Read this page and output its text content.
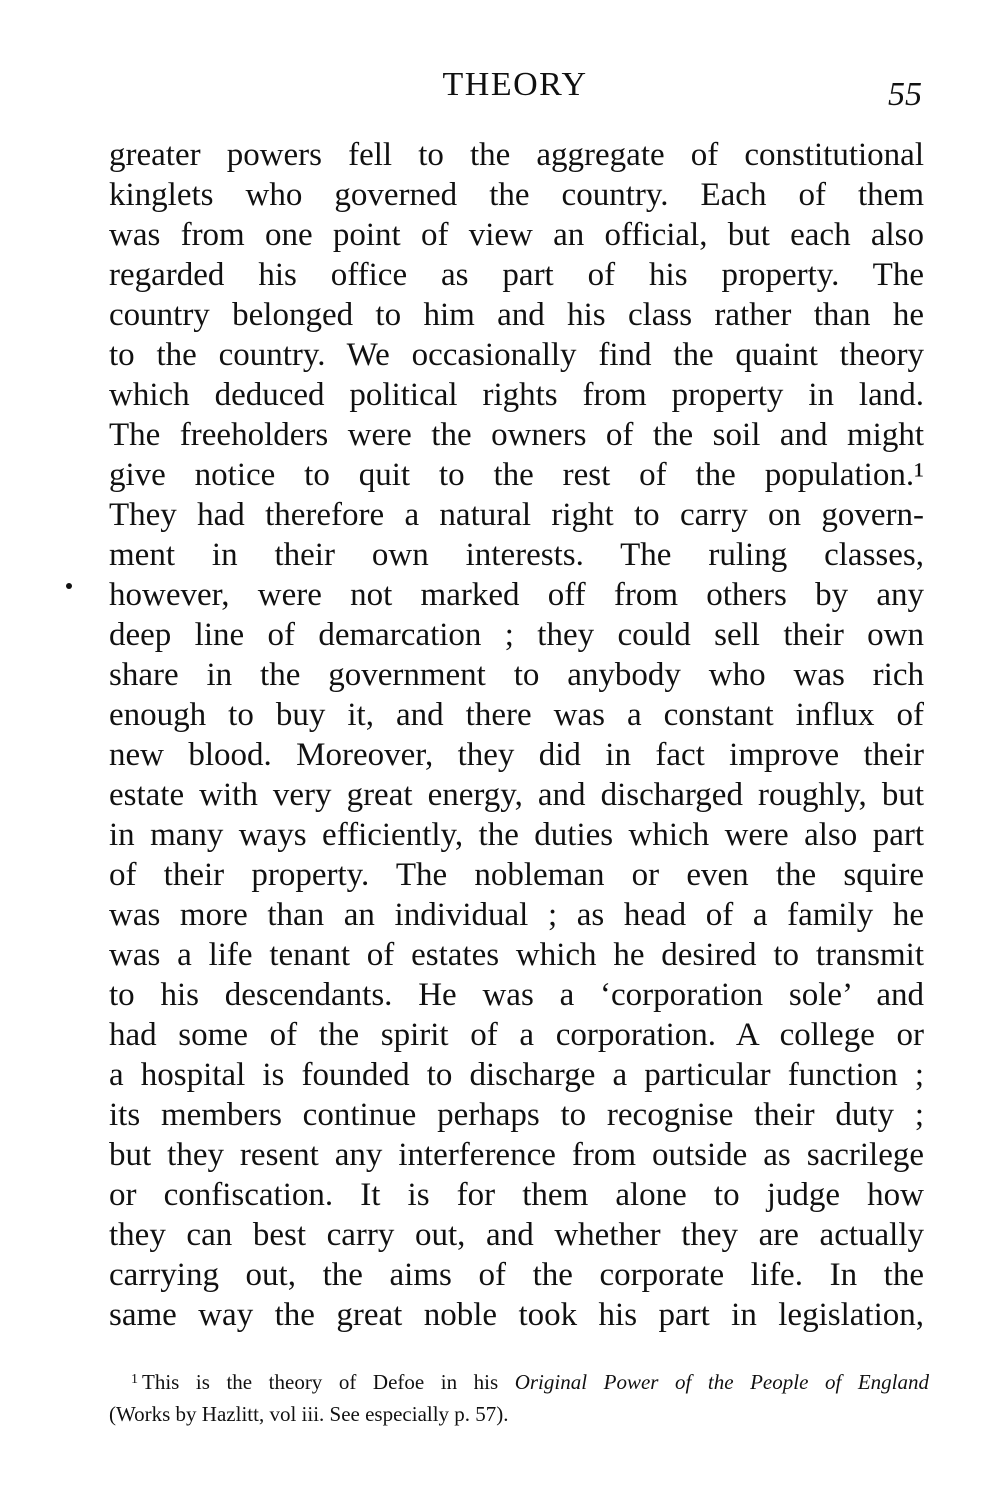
THEORY	55
greater powers fell to the aggregate of constitutional
kinglets who governed the country. Each of them
was from one point of view an official, but each also
regarded his office as part of his property. The
country belonged to him and his class rather than he
to the country. We occasionally find the quaint theory
which deduced political rights from property in land.
The freeholders were the owners of the soil and might
give notice to quit to the rest of the population.¹
They had therefore a natural right to carry on govern-
ment in their own interests. The ruling classes,
however, were not marked off from others by any
deep line of demarcation ; they could sell their own
share in the government to anybody who was rich
enough to buy it, and there was a constant influx of
new blood. Moreover, they did in fact improve their
estate with very great energy, and discharged roughly, but
in many ways efficiently, the duties which were also part
of their property. The nobleman or even the squire
was more than an individual ; as head of a family he
was a life tenant of estates which he desired to transmit
to his descendants. He was a ‘corporation sole’ and
had some of the spirit of a corporation. A college or
a hospital is founded to discharge a particular function ;
its members continue perhaps to recognise their duty ;
but they resent any interference from outside as sacrilege
or confiscation. It is for them alone to judge how
they can best carry out, and whether they are actually
carrying out, the aims of the corporate life. In the
same way the great noble took his part in legislation,
$^1$ This is the theory of Defoe in his Original Power of the People of England
(Works by Hazlitt, vol iii. See especially p. 57).
